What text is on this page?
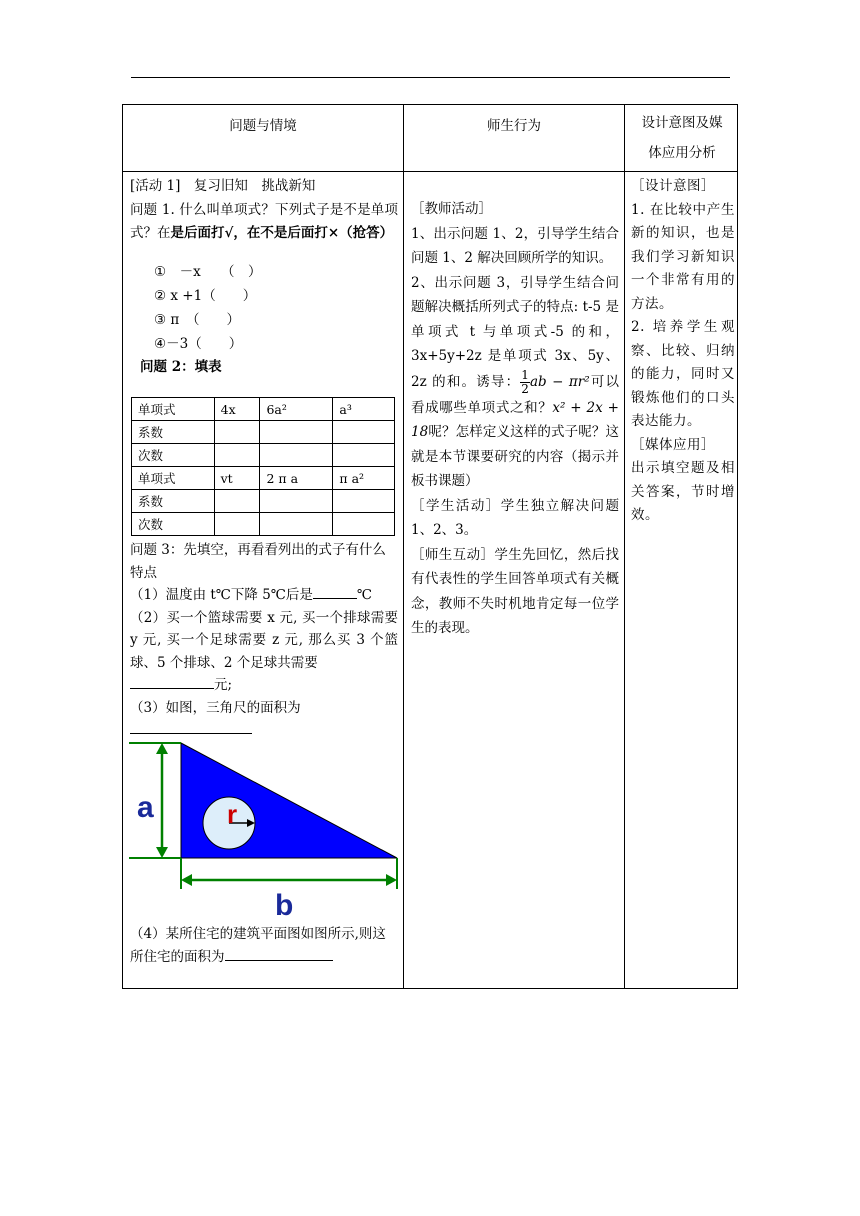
问题与情境	师生行为	设计意图及媒
体应用分析

[活动 1]　复习旧知　挑战新知

问题 1. 什么叫单项式？下列式子是不是单项式？在是后面打√，在不是后面打×（抢答）

①　－x　　（　）
② x +1（　　）
③ π　（　　）
④－3（　　）

问题 2：填表

单项式	4x	6a²	a³
系数			
次数			
单项式	vt	2 π a	π a²
系数			
次数			

问题 3：先填空，再看看列出的式子有什么特点

（1）温度由 t℃下降 5℃后是	℃

（2）买一个篮球需要 x 元, 买一个排球需要 y 元, 买一个足球需要 z 元, 那么买 3 个篮球、5 个排球、2 个足球共需要
元;

（3）如图，三角尺的面积为

a
b
r

（4）某所住宅的建筑平面图如图所示,则这所住宅的面积为

［教师活动］

1、出示问题 1、2，引导学生结合问题 1、2 解决回顾所学的知识。

2、出示问题 3，引导学生结合问题解决概括所列式子的特点: t-5 是单项式 t 与单项式-5 的和，3x+5y+2z 是单项式 3x、5y、2z 的和。诱导： $\frac{1}{2}$ ab − πr²可以看成哪些单项式之和？x² + 2x + 18呢？怎样定义这样的式子呢？这就是本节课要研究的内容（揭示并板书课题）

［学生活动］学生独立解决问题 1、2、3。

［师生互动］学生先回忆，然后找有代表性的学生回答单项式有关概念，教师不失时机地肯定每一位学生的表现。

［设计意图］

1. 在比较中产生新的知识，也是我们学习新知识一个非常有用的方法。

2. 培养学生观察、比较、归纳的能力，同时又锻炼他们的口头表达能力。

［媒体应用］

出示填空题及相关答案，节时增效。
